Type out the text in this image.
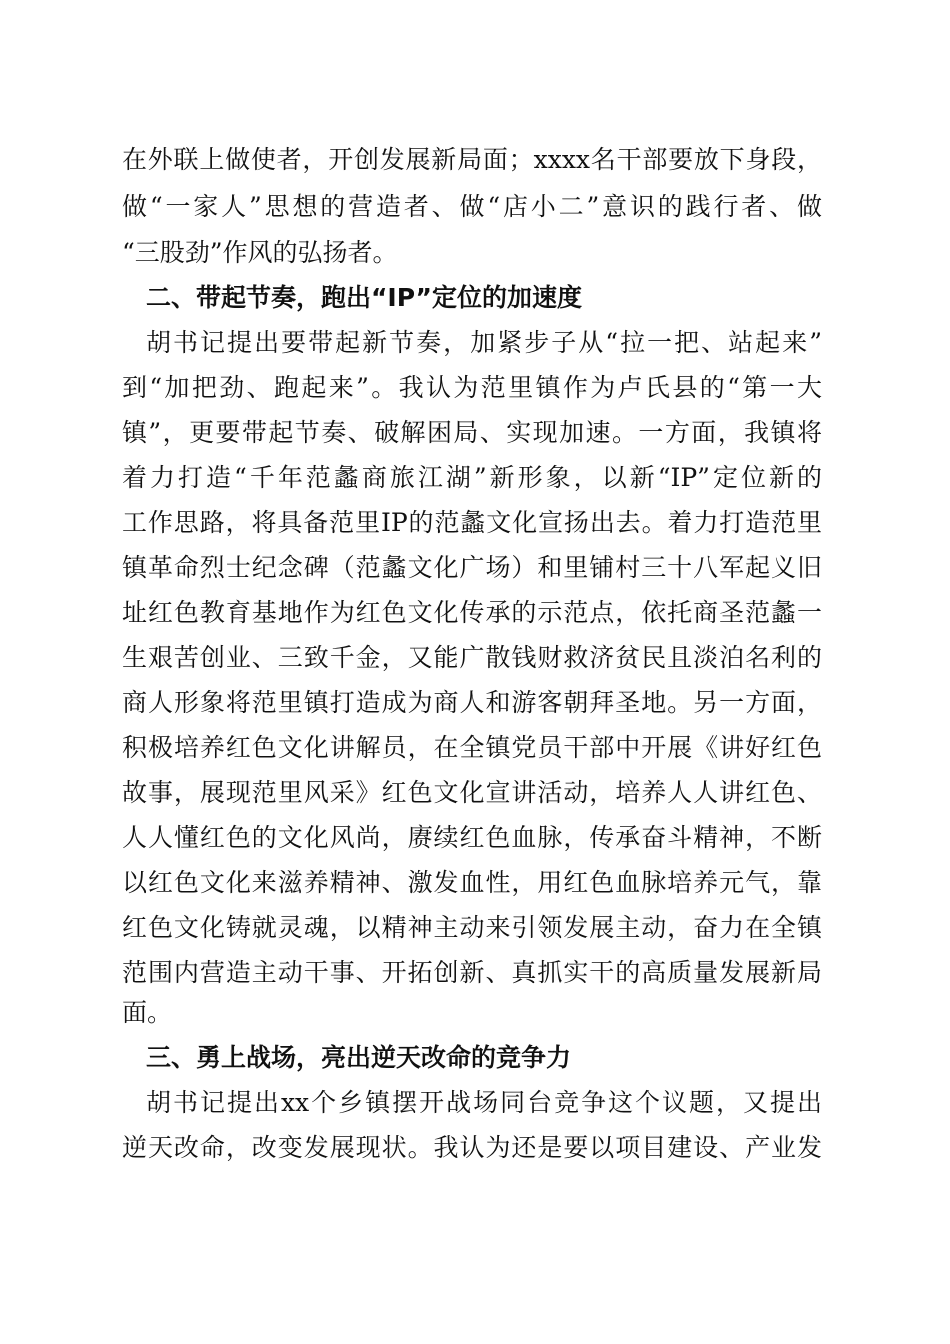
在外联上做使者，开创发展新局面；xxxx名干部要放下身段，
做“一家人”思想的营造者、做“店小二”意识的践行者、做
“三股劲”作风的弘扬者。
二、带起节奏，跑出“IP”定位的加速度
胡书记提出要带起新节奏，加紧步子从“拉一把、站起来”
到“加把劲、跑起来”。我认为范里镇作为卢氏县的“第一大
镇”，更要带起节奏、破解困局、实现加速。一方面，我镇将
着力打造“千年范蠡商旅江湖”新形象，以新“IP”定位新的
工作思路，将具备范里IP的范蠡文化宣扬出去。着力打造范里
镇革命烈士纪念碑（范蠡文化广场）和里铺村三十八军起义旧
址红色教育基地作为红色文化传承的示范点，依托商圣范蠡一
生艰苦创业、三致千金，又能广散钱财救济贫民且淡泊名利的
商人形象将范里镇打造成为商人和游客朝拜圣地。另一方面，
积极培养红色文化讲解员，在全镇党员干部中开展《讲好红色
故事，展现范里风采》红色文化宣讲活动，培养人人讲红色、
人人懂红色的文化风尚，赓续红色血脉，传承奋斗精神，不断
以红色文化来滋养精神、激发血性，用红色血脉培养元气，靠
红色文化铸就灵魂，以精神主动来引领发展主动，奋力在全镇
范围内营造主动干事、开拓创新、真抓实干的高质量发展新局
面。
三、勇上战场，亮出逆天改命的竞争力
胡书记提出xx个乡镇摆开战场同台竞争这个议题，又提出
逆天改命，改变发展现状。我认为还是要以项目建设、产业发
